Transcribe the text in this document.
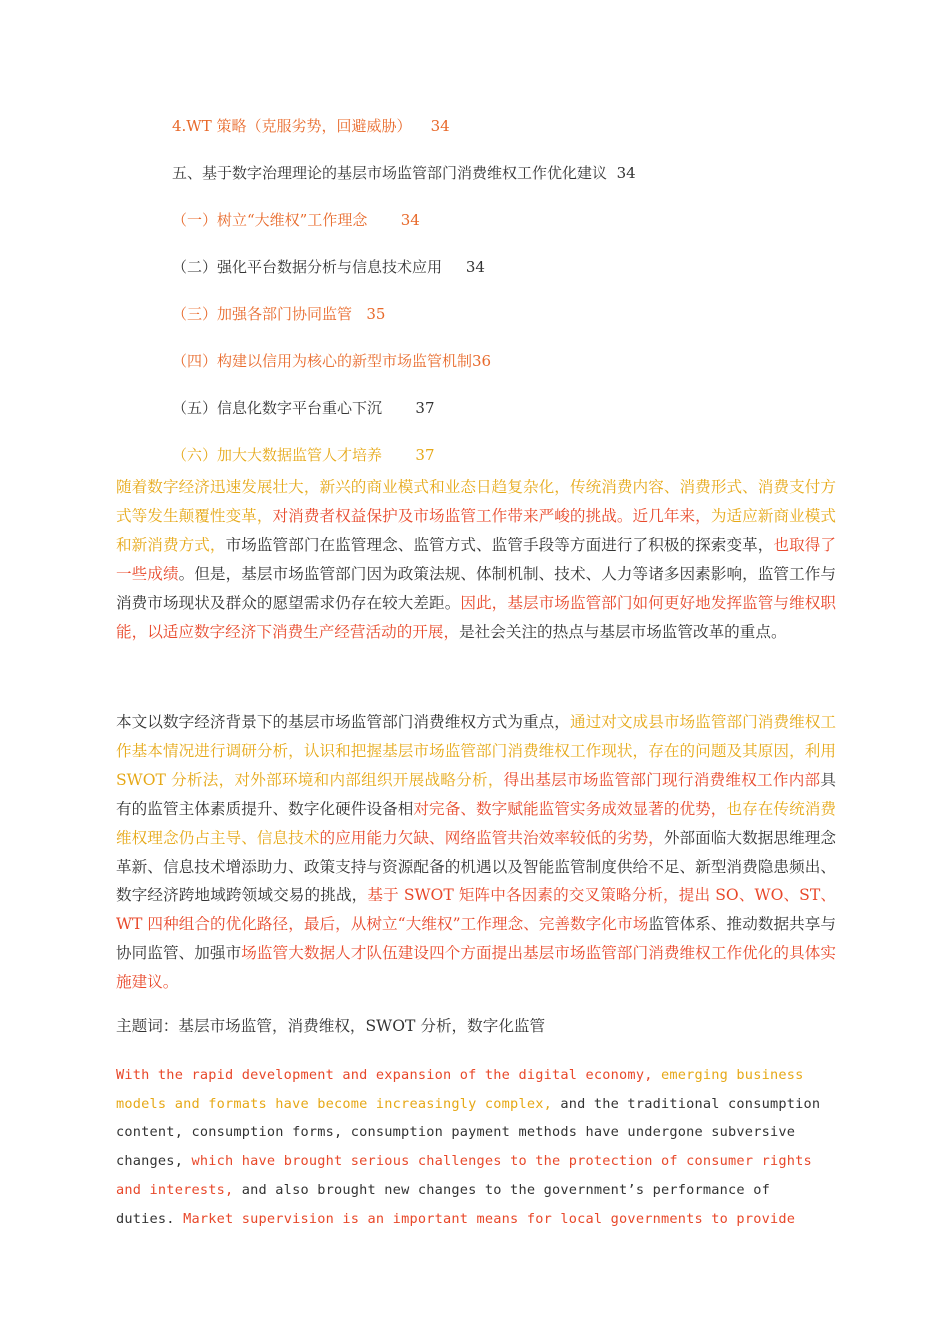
4.WT 策略（克服劣势，回避威胁） 34
五、基于数字治理理论的基层市场监管部门消费维权工作优化建议 34
（一）树立“大维权”工作理念 34
（二）强化平台数据分析与信息技术应用 34
（三）加强各部门协同监管 35
（四）构建以信用为核心的新型市场监管机制36
（五）信息化数字平台重心下沉 37
（六）加大大数据监管人才培养 37

随着数字经济迅速发展壮大，新兴的商业模式和业态日趋复杂化，传统消费内容、消费形式、消费支付方式等发生颠覆性变革，对消费者权益保护及市场监管工作带来严峻的挑战。近几年来，为适应新商业模式和新消费方式，市场监管部门在监管理念、监管方式、监管手段等方面进行了积极的探索变革，也取得了一些成绩。但是，基层市场监管部门因为政策法规、体制机制、技术、人力等诸多因素影响，监管工作与消费市场现状及群众的愿望需求仍存在较大差距。因此，基层市场监管部门如何更好地发挥监管与维权职能，以适应数字经济下消费生产经营活动的开展，是社会关注的热点与基层市场监管改革的重点。

本文以数字经济背景下的基层市场监管部门消费维权方式为重点，通过对文成县市场监管部门消费维权工作基本情况进行调研分析，认识和把握基层市场监管部门消费维权工作现状，存在的问题及其原因，利用 SWOT 分析法，对外部环境和内部组织开展战略分析，得出基层市场监管部门现行消费维权工作内部具有的监管主体素质提升、数字化硬件设备相对完备、数字赋能监管实务成效显著的优势，也存在传统消费维权理念仍占主导、信息技术的应用能力欠缺、网络监管共治效率较低的劣势，外部面临大数据思维理念革新、信息技术增添助力、政策支持与资源配备的机遇以及智能监管制度供给不足、新型消费隐患频出、数字经济跨地域跨领域交易的挑战，基于 SWOT 矩阵中各因素的交叉策略分析，提出 SO、WO、ST、WT 四种组合的优化路径，最后，从树立“大维权”工作理念、完善数字化市场监管体系、推动数据共享与协同监管、加强市场监管大数据人才队伍建设四个方面提出基层市场监管部门消费维权工作优化的具体实施建议。

主题词：基层市场监管，消费维权，SWOT 分析，数字化监管

With the rapid development and expansion of the digital economy, emerging business models and formats have become increasingly complex, and the traditional consumption content, consumption forms, consumption payment methods have undergone subversive changes, which have brought serious challenges to the protection of consumer rights and interests, and also brought new changes to the government’s performance of duties. Market supervision is an important means for local governments to provide
